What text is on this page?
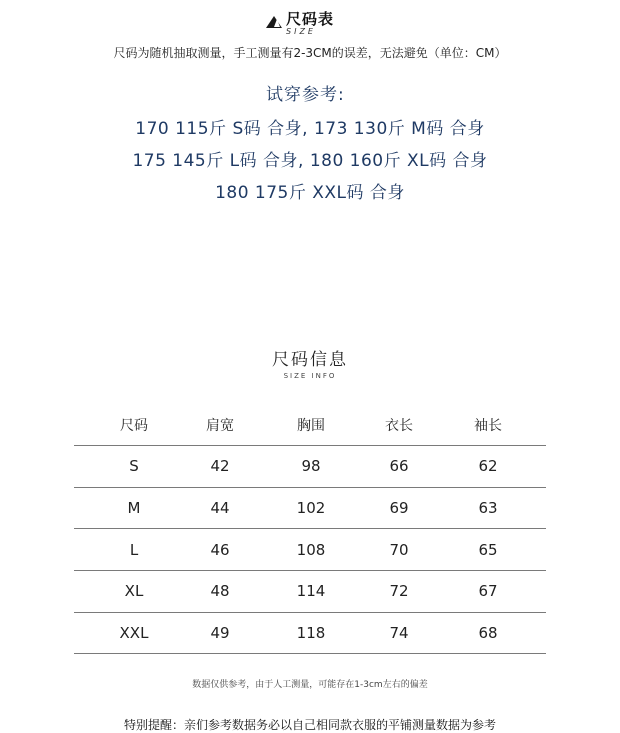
尺码表
SIZE
尺码为随机抽取测量，手工测量有2-3CM的误差，无法避免（单位：CM）
试穿参考:
170 115斤 S码 合身, 173 130斤 M码 合身
175 145斤 L码 合身, 180 160斤 XL码 合身
180 175斤 XXL码 合身
尺码信息
SIZE INFO
尺码	肩宽	胸围	衣长	袖长
S	42	98	66	62
M	44	102	69	63
L	46	108	70	65
XL	48	114	72	67
XXL	49	118	74	68
数据仅供参考，由于人工测量，可能存在1-3cm左右的偏差
特别提醒：亲们参考数据务必以自己相同款衣服的平铺测量数据为参考
